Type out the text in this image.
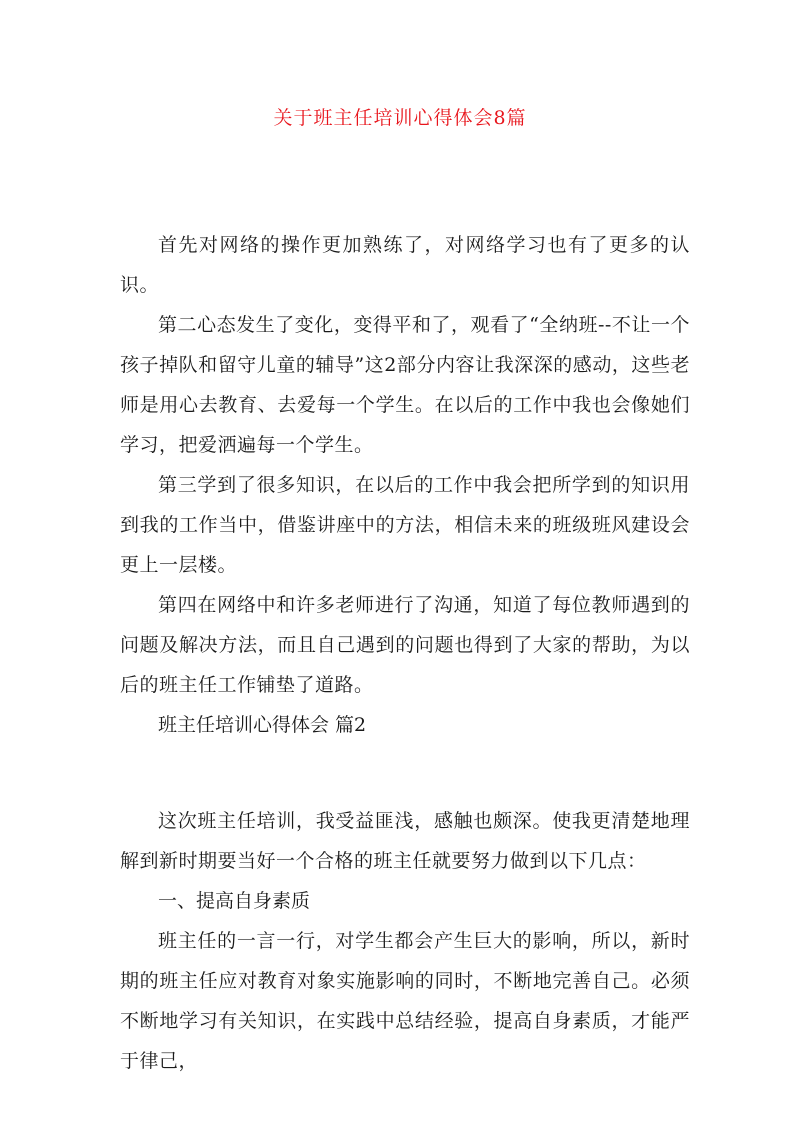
关于班主任培训心得体会8篇

首先对网络的操作更加熟练了，对网络学习也有了更多的认识。

第二心态发生了变化，变得平和了，观看了“全纳班--不让一个孩子掉队和留守儿童的辅导”这2部分内容让我深深的感动，这些老师是用心去教育、去爱每一个学生。在以后的工作中我也会像她们学习，把爱洒遍每一个学生。

第三学到了很多知识，在以后的工作中我会把所学到的知识用到我的工作当中，借鉴讲座中的方法，相信未来的班级班风建设会更上一层楼。

第四在网络中和许多老师进行了沟通，知道了每位教师遇到的问题及解决方法，而且自己遇到的问题也得到了大家的帮助，为以后的班主任工作铺垫了道路。

班主任培训心得体会 篇2

这次班主任培训，我受益匪浅，感触也颇深。使我更清楚地理解到新时期要当好一个合格的班主任就要努力做到以下几点：

一、提高自身素质

班主任的一言一行，对学生都会产生巨大的影响，所以，新时期的班主任应对教育对象实施影响的同时，不断地完善自己。必须不断地学习有关知识，在实践中总结经验，提高自身素质，才能严于律己，
